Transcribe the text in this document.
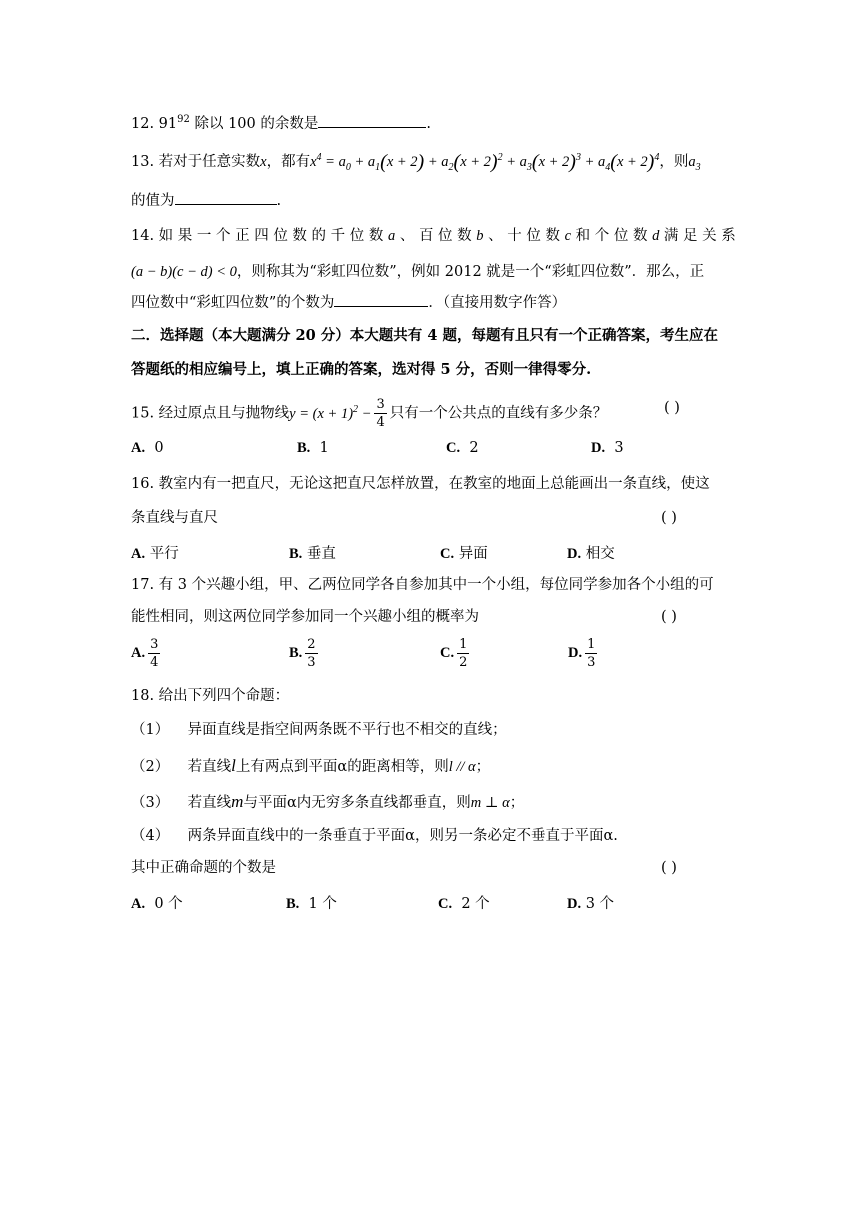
12. $91^{92}$ 除以 100 的余数是	.
13. 若对于任意实数x，都有$x^4 = a_0 + a_1(x + 2) + a_2(x + 2)^2 + a_3(x + 2)^3 + a_4(x + 2)^4$，则$a_3$
的值为	.
14. 如 果 一 个 正 四 位 数 的 千 位 数 a 、 百 位 数 b 、 十 位 数 c 和 个 位 数 d 满 足 关 系
(a − b)(c − d) < 0，则称其为“彩虹四位数”，例如 2012 就是一个“彩虹四位数”．那么，正
四位数中“彩虹四位数”的个数为	．（直接用数字作答）
二．选择题（本大题满分 20 分）本大题共有 4 题，每题有且只有一个正确答案，考生应在
答题纸的相应编号上，填上正确的答案，选对得 5 分，否则一律得零分.
15. 经过原点且与抛物线$y = (x + 1)^2 - \frac{3}{4}$ 只有一个公共点的直线有多少条？	( )
A. 0	B. 1	C. 2	D. 3
16. 教室内有一把直尺，无论这把直尺怎样放置，在教室的地面上总能画出一条直线，使这
条直线与直尺	( )
A. 平行	B. 垂直	C. 异面	D. 相交
17. 有 3 个兴趣小组，甲、乙两位同学各自参加其中一个小组，每位同学参加各个小组的可
能性相同，则这两位同学参加同一个兴趣小组的概率为	( )
A. $\frac{3}{4}$	B. $\frac{2}{3}$	C. $\frac{1}{2}$	D. $\frac{1}{3}$
18. 给出下列四个命题：
（1） 异面直线是指空间两条既不平行也不相交的直线；
（2） 若直线l上有两点到平面α的距离相等，则l // α；
（3） 若直线m与平面α内无穷多条直线都垂直，则m ⊥ α；
（4） 两条异面直线中的一条垂直于平面α，则另一条必定不垂直于平面α.
其中正确命题的个数是	( )
A. 0 个	B. 1 个	C. 2 个	D. 3 个
